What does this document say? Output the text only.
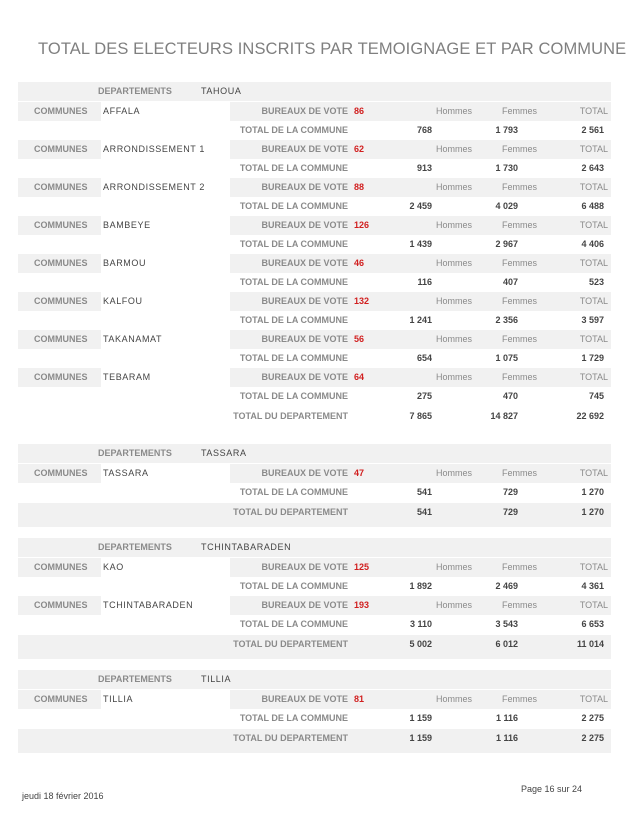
TOTAL DES ELECTEURS INSCRITS PAR TEMOIGNAGE ET PAR COMMUNE
DEPARTEMENTS	TAHOUA
COMMUNES AFFALA	BUREAUX DE VOTE 86	Hommes	Femmes	TOTAL
TOTAL DE LA COMMUNE	768	1 793	2 561
COMMUNES ARRONDISSEMENT 1	BUREAUX DE VOTE 62	Hommes	Femmes	TOTAL
TOTAL DE LA COMMUNE	913	1 730	2 643
COMMUNES ARRONDISSEMENT 2	BUREAUX DE VOTE 88	Hommes	Femmes	TOTAL
TOTAL DE LA COMMUNE	2 459	4 029	6 488
COMMUNES BAMBEYE	BUREAUX DE VOTE 126	Hommes	Femmes	TOTAL
TOTAL DE LA COMMUNE	1 439	2 967	4 406
COMMUNES BARMOU	BUREAUX DE VOTE 46	Hommes	Femmes	TOTAL
TOTAL DE LA COMMUNE	116	407	523
COMMUNES KALFOU	BUREAUX DE VOTE 132	Hommes	Femmes	TOTAL
TOTAL DE LA COMMUNE	1 241	2 356	3 597
COMMUNES TAKANAMAT	BUREAUX DE VOTE 56	Hommes	Femmes	TOTAL
TOTAL DE LA COMMUNE	654	1 075	1 729
COMMUNES TEBARAM	BUREAUX DE VOTE 64	Hommes	Femmes	TOTAL
TOTAL DE LA COMMUNE	275	470	745
TOTAL DU DEPARTEMENT	7 865	14 827	22 692
DEPARTEMENTS	TASSARA
COMMUNES TASSARA	BUREAUX DE VOTE 47	Hommes	Femmes	TOTAL
TOTAL DE LA COMMUNE	541	729	1 270
TOTAL DU DEPARTEMENT	541	729	1 270
DEPARTEMENTS	TCHINTABARADEN
COMMUNES KAO	BUREAUX DE VOTE 125	Hommes	Femmes	TOTAL
TOTAL DE LA COMMUNE	1 892	2 469	4 361
COMMUNES TCHINTABARADEN	BUREAUX DE VOTE 193	Hommes	Femmes	TOTAL
TOTAL DE LA COMMUNE	3 110	3 543	6 653
TOTAL DU DEPARTEMENT	5 002	6 012	11 014
DEPARTEMENTS	TILLIA
COMMUNES TILLIA	BUREAUX DE VOTE 81	Hommes	Femmes	TOTAL
TOTAL DE LA COMMUNE	1 159	1 116	2 275
TOTAL DU DEPARTEMENT	1 159	1 116	2 275
jeudi 18 février 2016
Page 16 sur 24
